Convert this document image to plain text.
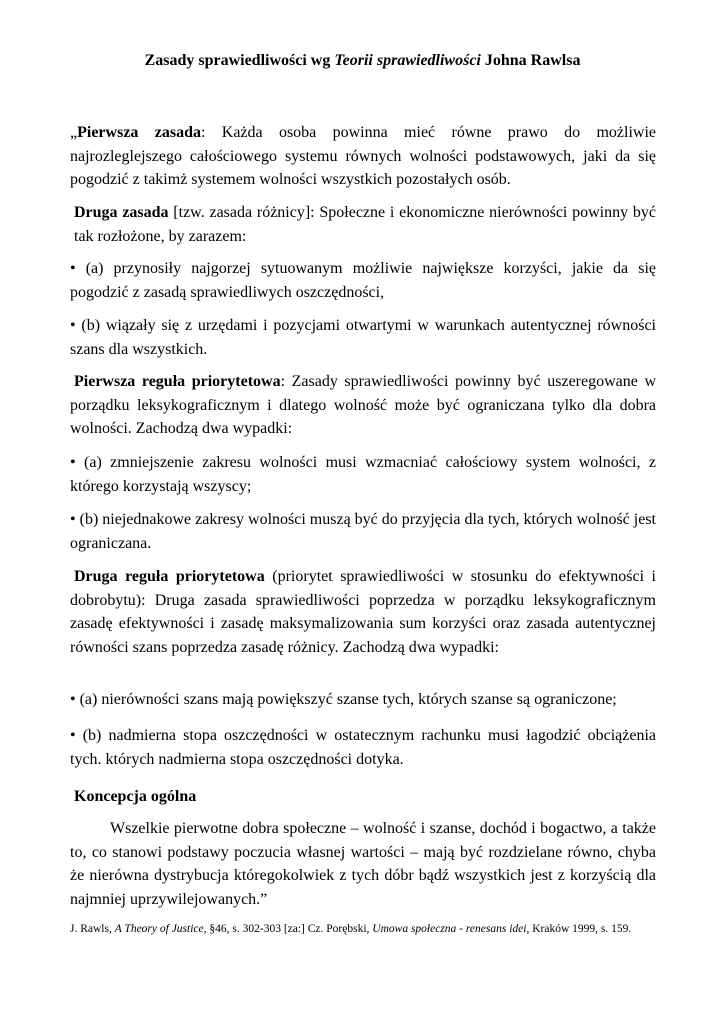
Zasady sprawiedliwości wg Teorii sprawiedliwości Johna Rawlsa

„Pierwsza zasada: Każda osoba powinna mieć równe prawo do możliwie najrozleglejszego całościowego systemu równych wolności podstawowych, jaki da się pogodzić z takimż systemem wolności wszystkich pozostałych osób.

Druga zasada [tzw. zasada różnicy]: Społeczne i ekonomiczne nierówności powinny być tak rozłożone, by zarazem:

• (a) przynosiły najgorzej sytuowanym możliwie największe korzyści, jakie da się pogodzić z zasadą sprawiedliwych oszczędności,

• (b) wiązały się z urzędami i pozycjami otwartymi w warunkach autentycznej równości szans dla wszystkich.

Pierwsza reguła priorytetowa: Zasady sprawiedliwości powinny być uszeregowane w porządku leksykograficznym i dlatego wolność może być ograniczana tylko dla dobra wolności. Zachodzą dwa wypadki:

• (a) zmniejszenie zakresu wolności musi wzmacniać całościowy system wolności, z którego korzystają wszyscy;

• (b) niejednakowe zakresy wolności muszą być do przyjęcia dla tych, których wolność jest ograniczana.

Druga reguła priorytetowa (priorytet sprawiedliwości w stosunku do efektywności i dobrobytu): Druga zasada sprawiedliwości poprzedza w porządku leksykograficznym zasadę efektywności i zasadę maksymalizowania sum korzyści oraz zasada autentycznej równości szans poprzedza zasadę różnicy. Zachodzą dwa wypadki:

• (a) nierówności szans mają powiększyć szanse tych, których szanse są ograniczone;

• (b) nadmierna stopa oszczędności w ostatecznym rachunku musi łagodzić obciążenia tych. których nadmierna stopa oszczędności dotyka.

Koncepcja ogólna

Wszelkie pierwotne dobra społeczne – wolność i szanse, dochód i bogactwo, a także to, co stanowi podstawy poczucia własnej wartości – mają być rozdzielane równo, chyba że nierówna dystrybucja któregokolwiek z tych dóbr bądź wszystkich jest z korzyścią dla najmniej uprzywilejowanych.”

J. Rawls, A Theory of Justice, §46, s. 302-303 [za:] Cz. Porębski, Umowa społeczna - renesans idei, Kraków 1999, s. 159.
